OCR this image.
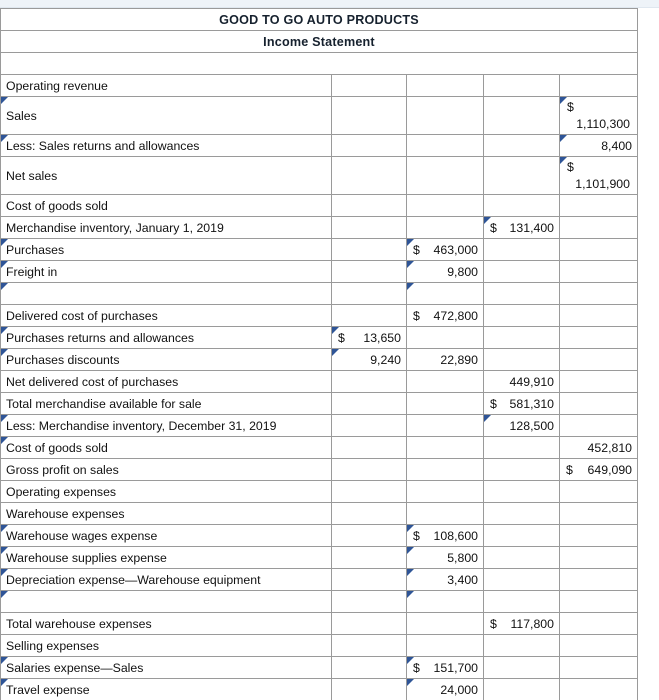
GOOD TO GO AUTO PRODUCTS				
Income Statement				

Operating revenue				
Sales				$
1,110,300

Less: Sales returns and allowances				8,400
Net sales				$
1,101,900

Cost of goods sold				
Merchandise inventory, January 1, 2019			$ 131,400	
Purchases		$ 463,000		
Freight in		9,800		

Delivered cost of purchases		$ 472,800		
Purchases returns and allowances	$ 13,650			
Purchases discounts	9,240	22,890		
Net delivered cost of purchases			449,910	
Total merchandise available for sale			$ 581,310	
Less: Merchandise inventory, December 31, 2019			128,500	
Cost of goods sold				452,810
Gross profit on sales				$ 649,090
Operating expenses				
Warehouse expenses				
Warehouse wages expense		$ 108,600		
Warehouse supplies expense		5,800		
Depreciation expense—Warehouse equipment		3,400		

Total warehouse expenses			$ 117,800	
Selling expenses				
Salaries expense—Sales		$ 151,700		
Travel expense		24,000		
